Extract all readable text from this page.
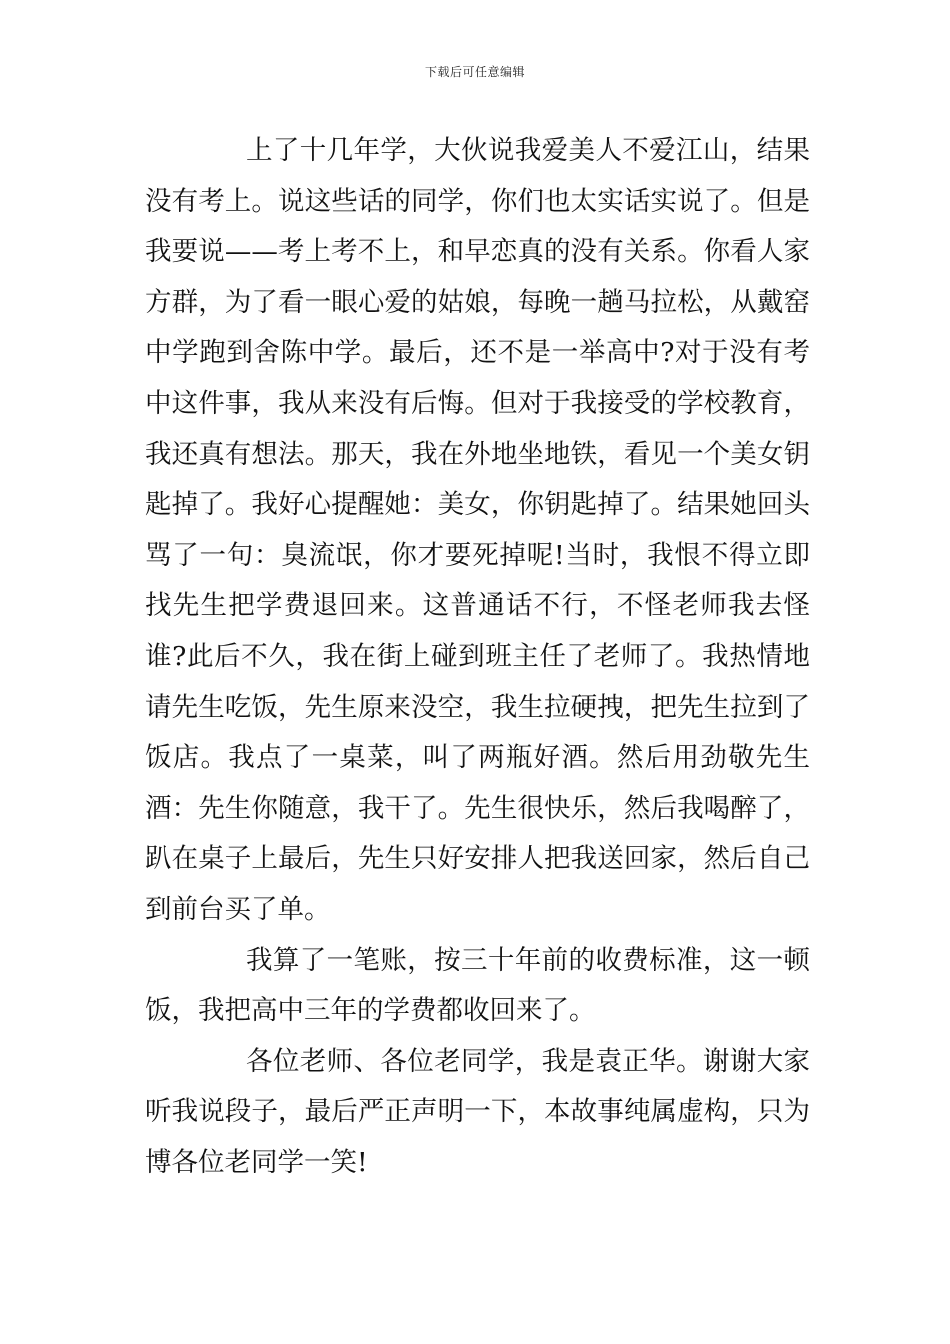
下载后可任意编辑

上了十几年学，大伙说我爱美人不爱江山，结果没有考上。说这些话的同学，你们也太实话实说了。但是我要说——考上考不上，和早恋真的没有关系。你看人家方群，为了看一眼心爱的姑娘，每晚一趟马拉松，从戴窑中学跑到舍陈中学。最后，还不是一举高中?对于没有考中这件事，我从来没有后悔。但对于我接受的学校教育，我还真有想法。那天，我在外地坐地铁，看见一个美女钥匙掉了。我好心提醒她：美女，你钥匙掉了。结果她回头骂了一句：臭流氓，你才要死掉呢!当时，我恨不得立即找先生把学费退回来。这普通话不行，不怪老师我去怪谁?此后不久，我在街上碰到班主任了老师了。我热情地请先生吃饭，先生原来没空，我生拉硬拽，把先生拉到了饭店。我点了一桌菜，叫了两瓶好酒。然后用劲敬先生酒：先生你随意，我干了。先生很快乐，然后我喝醉了，趴在桌子上最后，先生只好安排人把我送回家，然后自己到前台买了单。

我算了一笔账，按三十年前的收费标准，这一顿饭，我把高中三年的学费都收回来了。

各位老师、各位老同学，我是袁正华。谢谢大家听我说段子，最后严正声明一下，本故事纯属虚构，只为博各位老同学一笑!
